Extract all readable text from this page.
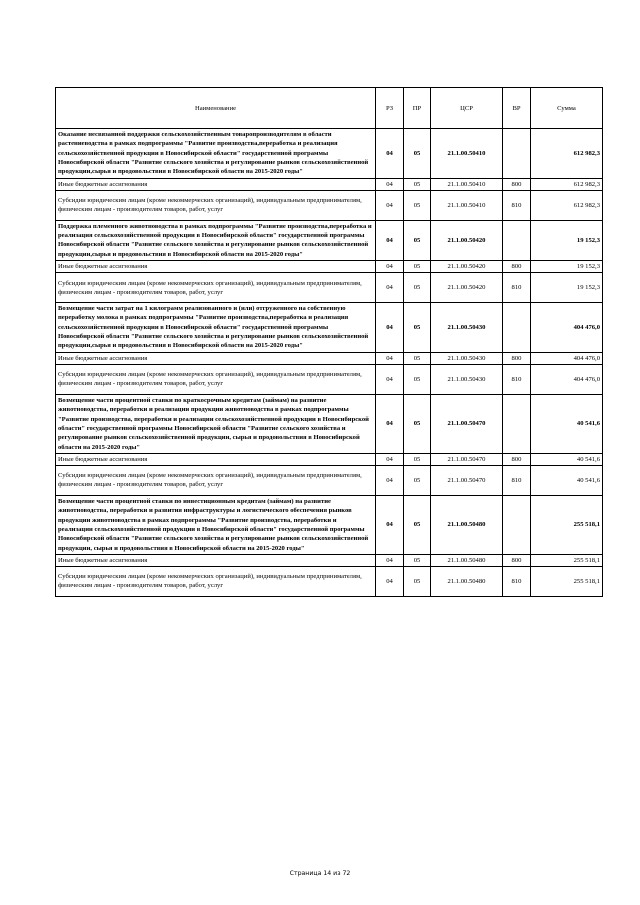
Наименование	РЗ	ПР	ЦСР	ВР	Сумма
Оказание несвязанной поддержки сельскохозяйственным товаропроизводителям в области растениеводства в рамках подпрограммы "Развитие производства,переработка и реализация сельскохозяйственной продукции в Новосибирской области" государственной программы Новосибирской области "Развитие сельского хозяйства и регулирование рынков сельскохозяйственной продукции,сырья и продовольствия в Новосибирской области на 2015-2020 годы"	04	05	21.1.00.50410		612 982,3
Иные бюджетные ассигнования	04	05	21.1.00.50410	800	612 982,3
Субсидии юридическим лицам (кроме некоммерческих организаций), индивидуальным предпринимателям, физическим лицам - производителям товаров, работ, услуг	04	05	21.1.00.50410	810	612 982,3
Поддержка племенного животноводства в рамках подпрограммы "Развитие производства,переработка и реализация сельскохозяйственной продукции в Новосибирской области" государственной программы Новосибирской области "Развитие сельского хозяйства и регулирование рынков сельскохозяйственной продукции,сырья и продовольствия в Новосибирской области на 2015-2020 годы"	04	05	21.1.00.50420		19 152,3
Иные бюджетные ассигнования	04	05	21.1.00.50420	800	19 152,3
Субсидии юридическим лицам (кроме некоммерческих организаций), индивидуальным предпринимателям, физическим лицам - производителям товаров, работ, услуг	04	05	21.1.00.50420	810	19 152,3
Возмещение части затрат на 1 килограмм реализованного и (или) отгруженного на собственную переработку молока в рамках подпрограммы "Развитие производства,переработка и реализация сельскохозяйственной продукции в Новосибирской области" государственной программы Новосибирской области "Развитие сельского хозяйства и регулирование рынков сельскохозяйственной продукции,сырья и продовольствия в Новосибирской области на 2015-2020 годы"	04	05	21.1.00.50430		404 476,0
Иные бюджетные ассигнования	04	05	21.1.00.50430	800	404 476,0
Субсидии юридическим лицам (кроме некоммерческих организаций), индивидуальным предпринимателям, физическим лицам - производителям товаров, работ, услуг	04	05	21.1.00.50430	810	404 476,0
Возмещение части процентной ставки по краткосрочным кредитам (займам) на развитие животноводства, переработки и реализации продукции животноводства в рамках подпрограммы "Развитие производства, переработки и реализации сельскохозяйственной продукции в Новосибирской области" государственной программы Новосибирской области "Развитие сельского хозяйства и регулирование рынков сельскохозяйственной продукции, сырья и продовольствия в Новосибирской области на 2015-2020 годы"	04	05	21.1.00.50470		40 541,6
Иные бюджетные ассигнования	04	05	21.1.00.50470	800	40 541,6
Субсидии юридическим лицам (кроме некоммерческих организаций), индивидуальным предпринимателям, физическим лицам - производителям товаров, работ, услуг	04	05	21.1.00.50470	810	40 541,6
Возмещение части процентной ставки по инвестиционным кредитам (займам) на развитие животноводства, переработки и развития инфраструктуры и логистического обеспечения рынков продукции животноводства в рамках подпрограммы "Развитие производства, переработки и реализации сельскохозяйственной продукции в Новосибирской области" государственной программы Новосибирской области "Развитие сельского хозяйства и регулирование рынков сельскохозяйственной продукции, сырья и продовольствия в Новосибирской области на 2015-2020 годы"	04	05	21.1.00.50480		255 518,1
Иные бюджетные ассигнования	04	05	21.1.00.50480	800	255 518,1
Субсидии юридическим лицам (кроме некоммерческих организаций), индивидуальным предпринимателям, физическим лицам - производителям товаров, работ, услуг	04	05	21.1.00.50480	810	255 518,1
Страница 14 из 72
